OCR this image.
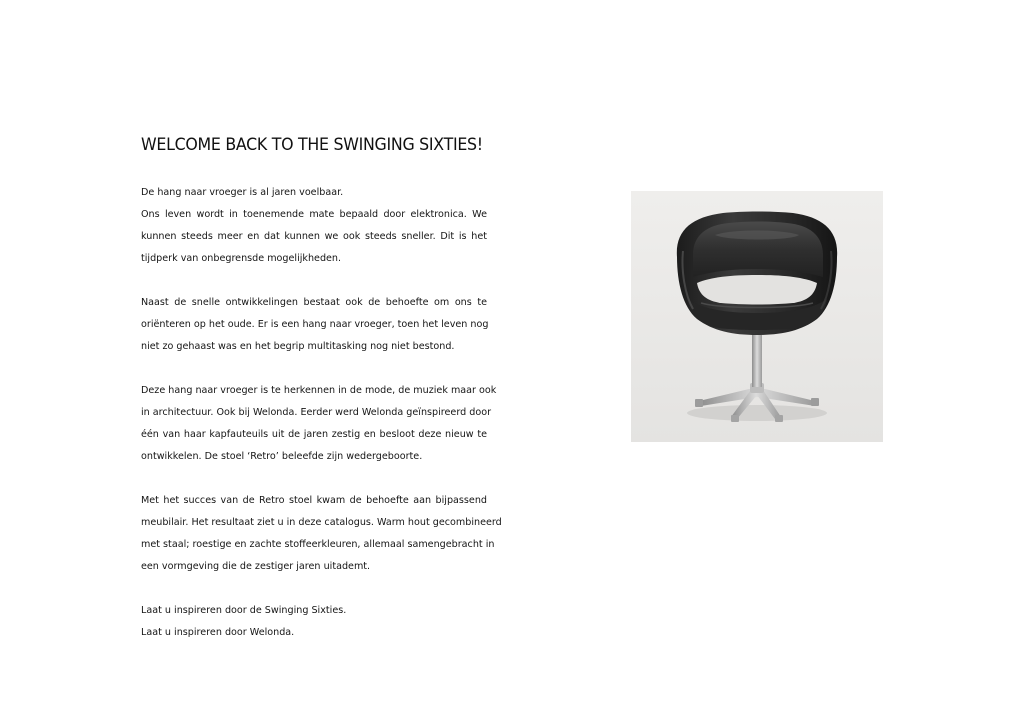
WELCOME BACK TO THE SWINGING SIXTIES!
De hang naar vroeger is al jaren voelbaar.
Ons leven wordt in toenemende mate bepaald door elektronica. We
kunnen steeds meer en dat kunnen we ook steeds sneller. Dit is het
tijdperk van onbegrensde mogelijkheden.
Naast de snelle ontwikkelingen bestaat ook de behoefte om ons te
oriënteren op het oude. Er is een hang naar vroeger, toen het leven nog
niet zo gehaast was en het begrip multitasking nog niet bestond.
Deze hang naar vroeger is te herkennen in de mode, de muziek maar ook
in architectuur. Ook bij Welonda. Eerder werd Welonda geïnspireerd door
één van haar kapfauteuils uit de jaren zestig en besloot deze nieuw te
ontwikkelen. De stoel ‘Retro’ beleefde zijn wedergeboorte.
Met het succes van de Retro stoel kwam de behoefte aan bijpassend
meubilair. Het resultaat ziet u in deze catalogus. Warm hout gecombineerd
met staal; roestige en zachte stoffeerkleuren, allemaal samengebracht in
een vormgeving die de zestiger jaren uitademt.
Laat u inspireren door de Swinging Sixties.
Laat u inspireren door Welonda.
